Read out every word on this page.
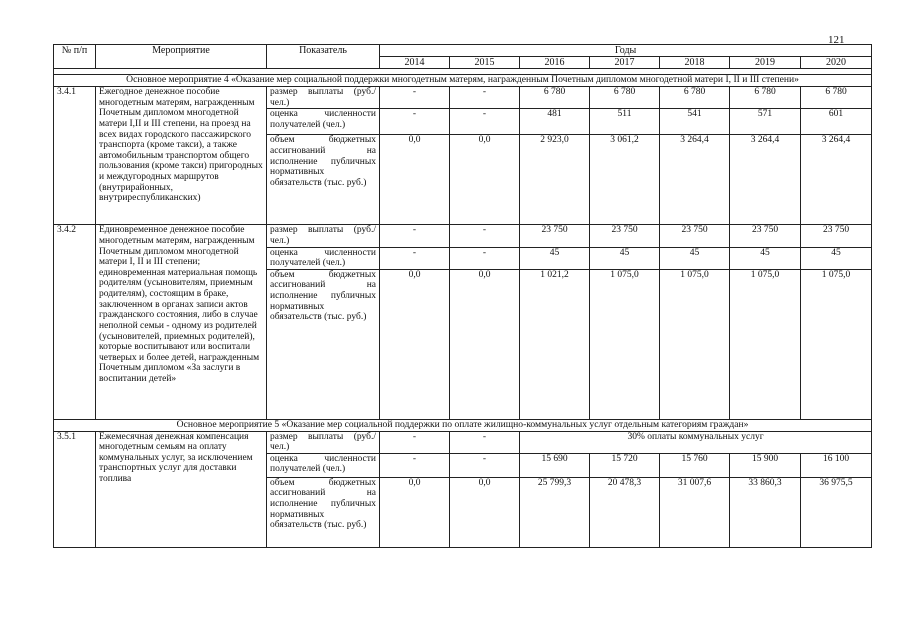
121
№ п/п	Мероприятие	Показатель	Годы						
			2014	2015	2016	2017	2018	2019	2020

Основное мероприятие 4 «Оказание мер социальной поддержки многодетным матерям, награжденным Почетным дипломом многодетной матери I, II и III степени»									
3.4.1	Ежегодное денежное пособие многодетным матерям, награжденным Почетным дипломом многодетной матери I,II и III степени, на проезд на всех видах городского пассажирского транспорта (кроме такси), а также автомобильным транспортом общего пользования (кроме такси) пригородных и междугородных маршрутов (внутрирайонных, внутриреспубликанских)	размер выплаты (руб./ чел.)	-	-	6 780	6 780	6 780	6 780	6 780
		оценка численности получателей (чел.)	-	-	481	511	541	571	601
		объем бюджетных ассигнований на исполнение публичных нормативных обязательств (тыс. руб.)	0,0	0,0	2 923,0	3 061,2	3 264,4	3 264,4	3 264,4
3.4.2	Единовременное денежное пособие многодетным матерям, награжденным Почетным дипломом многодетной матери I, II и III степени; единовременная материальная помощь родителям (усыновителям, приемным родителям), состоящим в браке, заключенном в органах записи актов гражданского состояния, либо в случае неполной семьи - одному из родителей (усыновителей, приемных родителей), которые воспитывают или воспитали четверых и более детей, награжденным Почетным дипломом «За заслуги в воспитании детей»	размер выплаты (руб./ чел.)	-	-	23 750	23 750	23 750	23 750	23 750
		оценка численности получателей (чел.)	-	-	45	45	45	45	45
		объем бюджетных ассигнований на исполнение публичных нормативных обязательств (тыс. руб.)	0,0	0,0	1 021,2	1 075,0	1 075,0	1 075,0	1 075,0
Основное мероприятие 5 «Оказание мер социальной поддержки по оплате жилищно-коммунальных услуг отдельным категориям граждан»									
3.5.1	Ежемесячная денежная компенсация многодетным семьям на оплату коммунальных услуг, за исключением транспортных услуг для доставки топлива	размер выплаты (руб./ чел.)	-	-	30% оплаты коммунальных услуг				
		оценка численности получателей (чел.)	-	-	15 690	15 720	15 760	15 900	16 100
		объем бюджетных ассигнований на исполнение публичных нормативных обязательств (тыс. руб.)	0,0	0,0	25 799,3	20 478,3	31 007,6	33 860,3	36 975,5
